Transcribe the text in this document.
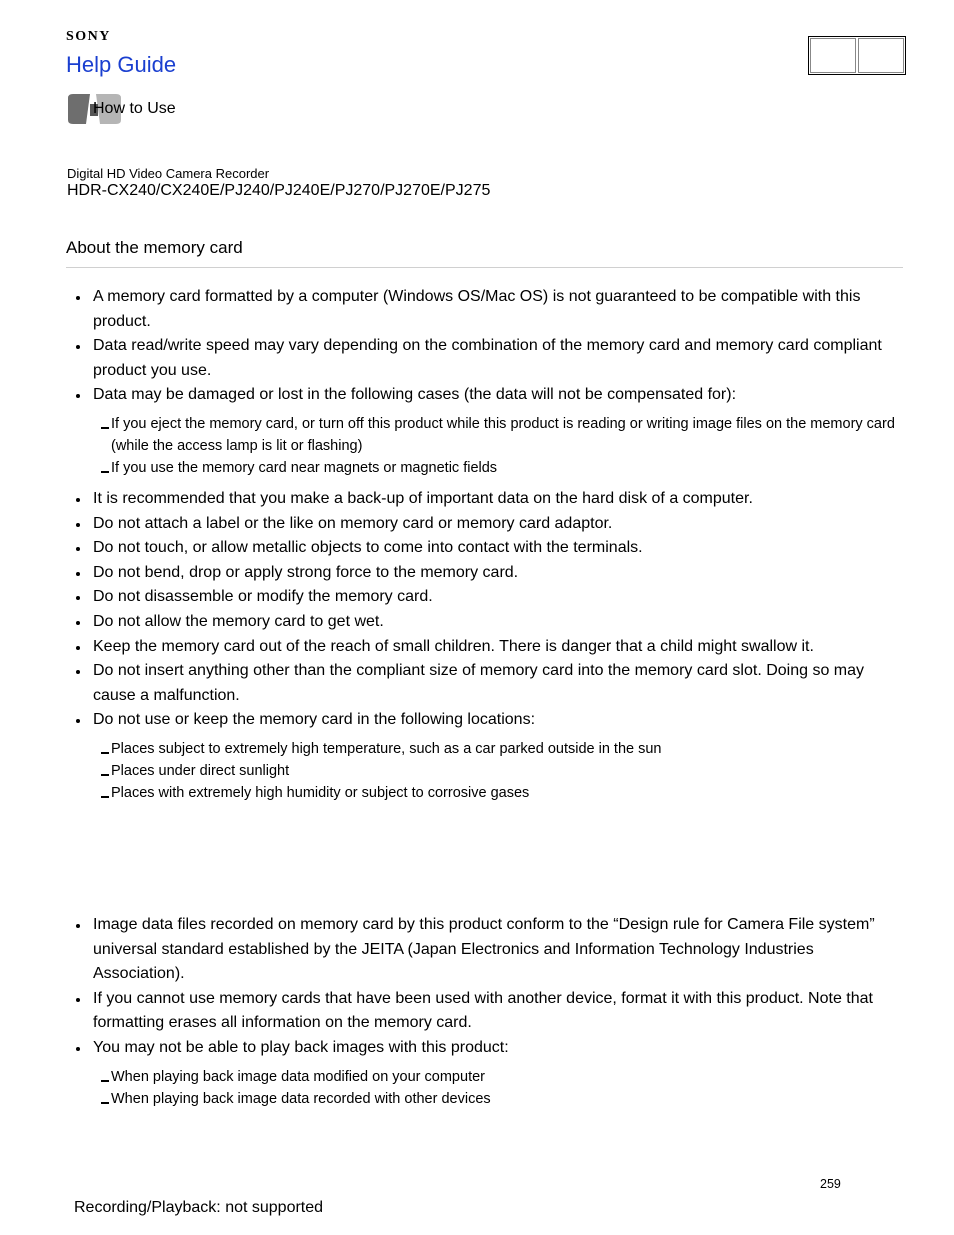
SONY
Help Guide
How to Use
Digital HD Video Camera Recorder
HDR-CX240/CX240E/PJ240/PJ240E/PJ270/PJ270E/PJ275
About the memory card
A memory card formatted by a computer (Windows OS/Mac OS) is not guaranteed to be compatible with this product.
Data read/write speed may vary depending on the combination of the memory card and memory card compliant product you use.
Data may be damaged or lost in the following cases (the data will not be compensated for):
If you eject the memory card, or turn off this product while this product is reading or writing image files on the memory card (while the access lamp is lit or flashing)
If you use the memory card near magnets or magnetic fields
It is recommended that you make a back-up of important data on the hard disk of a computer.
Do not attach a label or the like on memory card or memory card adaptor.
Do not touch, or allow metallic objects to come into contact with the terminals.
Do not bend, drop or apply strong force to the memory card.
Do not disassemble or modify the memory card.
Do not allow the memory card to get wet.
Keep the memory card out of the reach of small children. There is danger that a child might swallow it.
Do not insert anything other than the compliant size of memory card into the memory card slot. Doing so may cause a malfunction.
Do not use or keep the memory card in the following locations:
Places subject to extremely high temperature, such as a car parked outside in the sun
Places under direct sunlight
Places with extremely high humidity or subject to corrosive gases
Image data files recorded on memory card by this product conform to the “Design rule for Camera File system” universal standard established by the JEITA (Japan Electronics and Information Technology Industries Association).
If you cannot use memory cards that have been used with another device, format it with this product. Note that formatting erases all information on the memory card.
You may not be able to play back images with this product:
When playing back image data modified on your computer
When playing back image data recorded with other devices
259
Recording/Playback: not supported
